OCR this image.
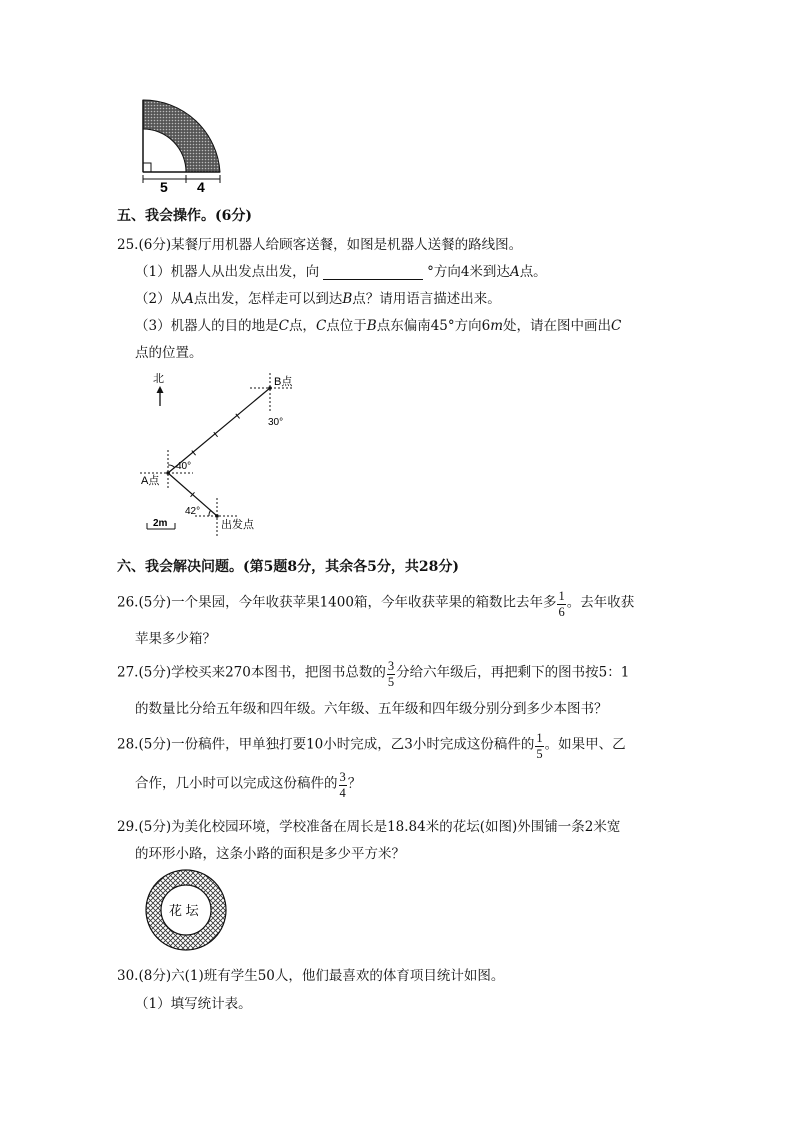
5 4
五、我会操作。(6分)
25.(6分)某餐厅用机器人给顾客送餐，如图是机器人送餐的路线图。
（1）机器人从出发点出发，向	°方向4米到达A点。
（2）从A点出发，怎样走可以到达B点？请用语言描述出来。
（3）机器人的目的地是C点，C点位于B点东偏南45°方向6m处，请在图中画出C
点的位置。
北	B点
30°
A点
40°
出发点
42°
2m
六、我会解决问题。(第5题8分，其余各5分，共28分)
26.(5分)一个果园，今年收获苹果1400箱，今年收获苹果的箱数比去年多 $\frac{1}{6}$ 。去年收获
苹果多少箱？
27.(5分)学校买来270本图书，把图书总数的 $\frac{3}{5}$ 分给六年级后，再把剩下的图书按5：1
的数量比分给五年级和四年级。六年级、五年级和四年级分别分到多少本图书？
28.(5分)一份稿件，甲单独打要10小时完成，乙3小时完成这份稿件的 $\frac{1}{5}$ 。如果甲、乙
合作，几小时可以完成这份稿件的 $\frac{3}{4}$ ？
29.(5分)为美化校园环境，学校准备在周长是18.84米的花坛(如图)外围铺一条2米宽
的环形小路，这条小路的面积是多少平方米？
花 坛
30.(8分)六(1)班有学生50人，他们最喜欢的体育项目统计如图。
（1）填写统计表。
